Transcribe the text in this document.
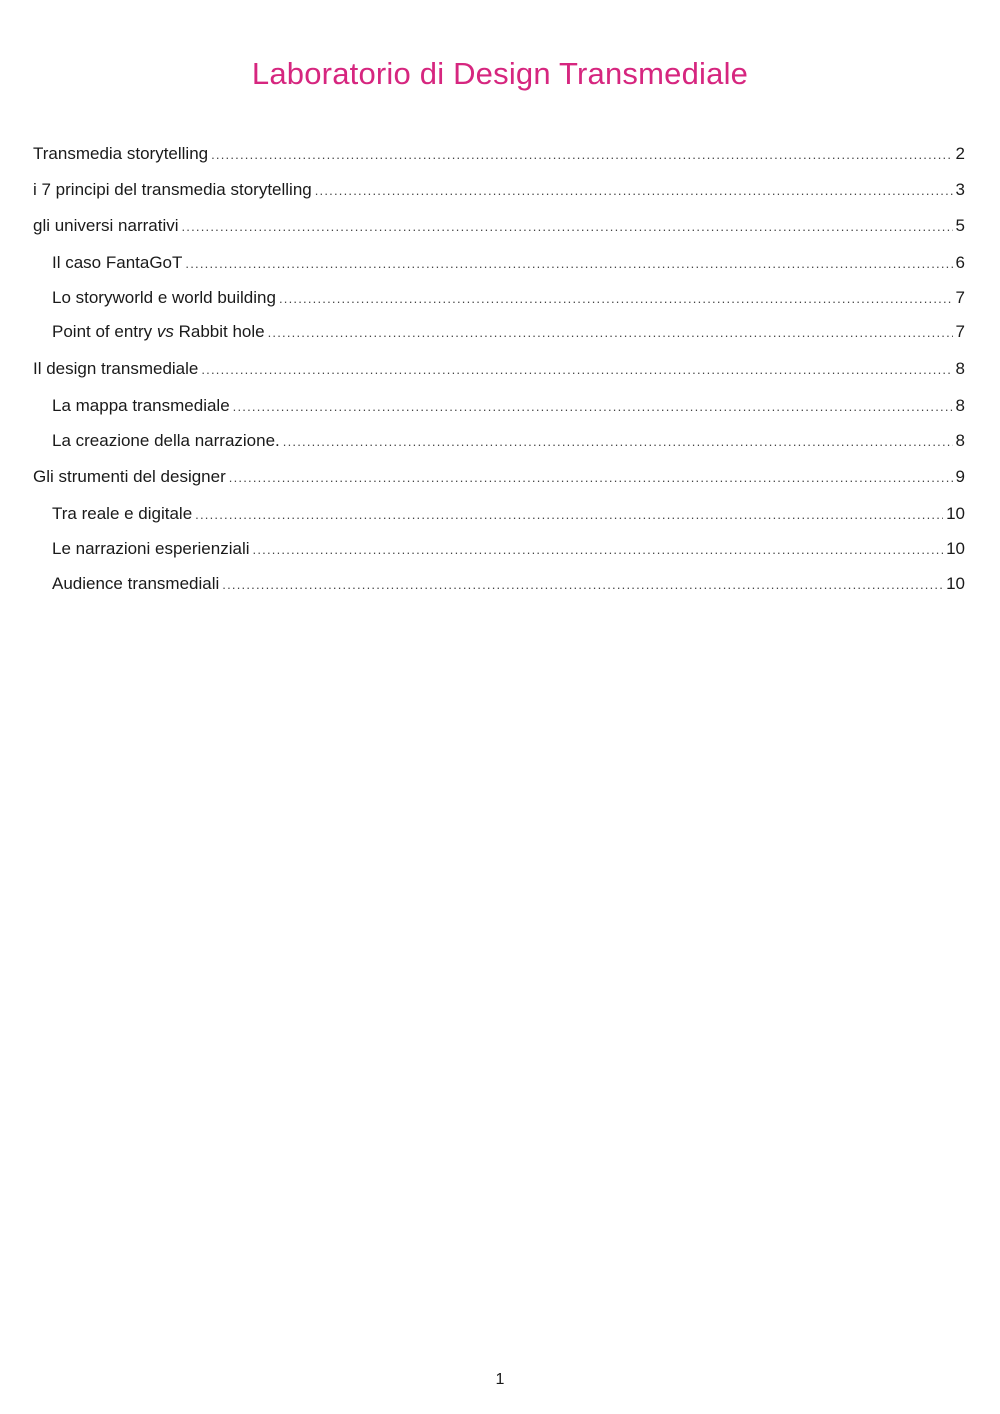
Laboratorio di Design Transmediale
Transmedia storytelling .....	2
i 7 principi del transmedia storytelling .....	3
gli universi narrativi .....	5
Il caso FantaGoT .....	6
Lo storyworld e world building .....	7
Point of entry vs Rabbit hole .....	7
Il design transmediale .....	8
La mappa transmediale .....	8
La creazione della narrazione. .....	8
Gli strumenti del designer .....	9
Tra reale e digitale .....	10
Le narrazioni esperienziali .....	10
Audience transmediali .....	10
1
